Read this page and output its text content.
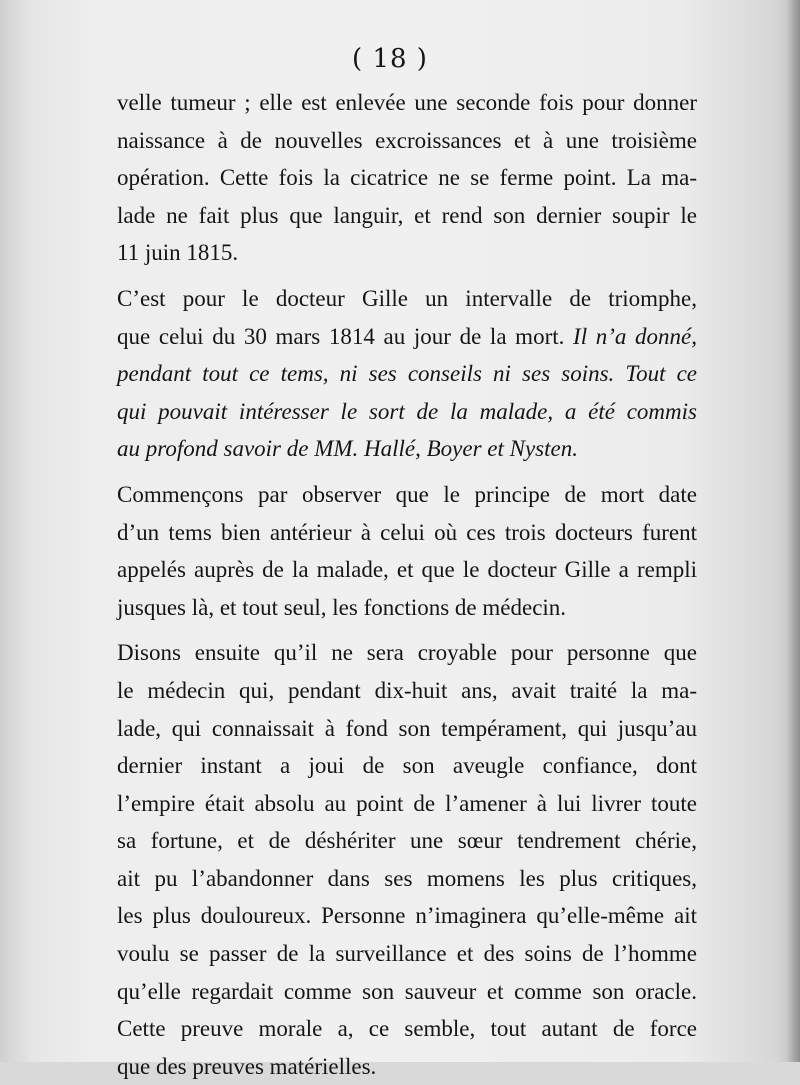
( 18 )

velle tumeur ; elle est enlevée une seconde fois pour donner
naissance à de nouvelles excroissances et à une troisième
opération. Cette fois la cicatrice ne se ferme point. La ma-
lade ne fait plus que languir, et rend son dernier soupir le
11 juin 1815.

C’est pour le docteur Gille un intervalle de triomphe,
que celui du 30 mars 1814 au jour de la mort. Il n’a donné,
pendant tout ce tems, ni ses conseils ni ses soins. Tout ce
qui pouvait intéresser le sort de la malade, a été commis
au profond savoir de MM. Hallé, Boyer et Nysten.

Commençons par observer que le principe de mort date
d’un tems bien antérieur à celui où ces trois docteurs furent
appelés auprès de la malade, et que le docteur Gille a rempli
jusques là, et tout seul, les fonctions de médecin.

Disons ensuite qu’il ne sera croyable pour personne que
le médecin qui, pendant dix-huit ans, avait traité la ma-
lade, qui connaissait à fond son tempérament, qui jusqu’au
dernier instant a joui de son aveugle confiance, dont
l’empire était absolu au point de l’amener à lui livrer toute
sa fortune, et de déshériter une sœur tendrement chérie,
ait pu l’abandonner dans ses momens les plus critiques,
les plus douloureux. Personne n’imaginera qu’elle-même ait
voulu se passer de la surveillance et des soins de l’homme
qu’elle regardait comme son sauveur et comme son oracle.
Cette preuve morale a, ce semble, tout autant de force
que des preuves matérielles.
